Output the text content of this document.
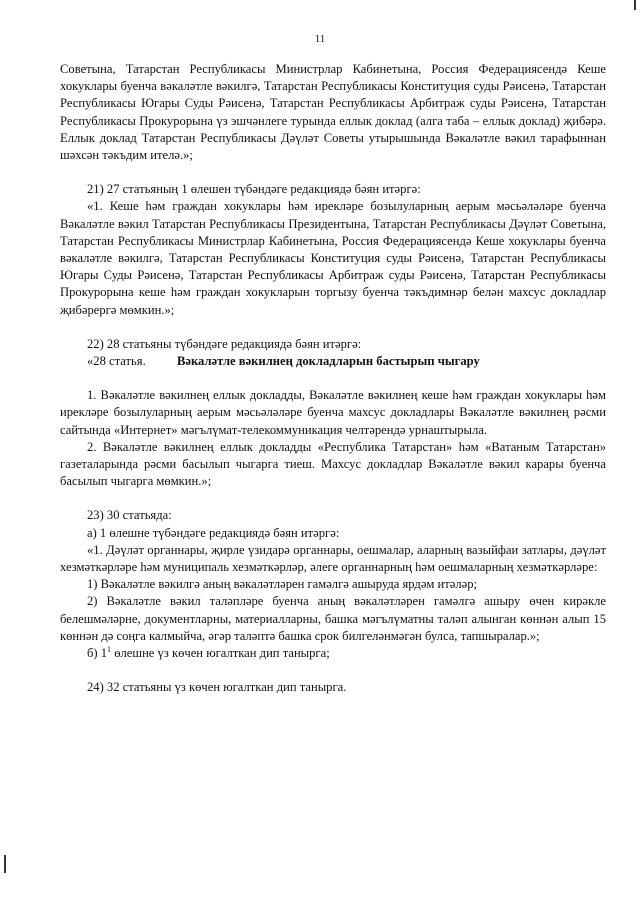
11

Советына, Татарстан Республикасы Министрлар Кабинетына, Россия Федерациясендә Кеше хокуклары буенча вәкаләтле вәкилгә, Татарстан Республикасы Конституция суды Рәисенә, Татарстан Республикасы Югары Суды Рәисенә, Татарстан Республикасы Арбитраж суды Рәисенә, Татарстан Республикасы Прокурорына үз эшчәнлеге турында еллык доклад (алга таба – еллык доклад) җибәрә. Еллык доклад Татарстан Республикасы Дәүләт Советы утырышында Вәкаләтле вәкил тарафыннан шәхсән тәкъдим ителә.»;

21) 27 статьяның 1 өлешен түбәндәге редакциядә бәян итәргә:

«1. Кеше һәм граждан хокуклары һәм ирекләре бозылуларның аерым мәсьәләләре буенча Вәкаләтле вәкил Татарстан Республикасы Президентына, Татарстан Республикасы Дәүләт Советына, Татарстан Республикасы Министрлар Кабинетына, Россия Федерациясендә Кеше хокуклары буенча вәкаләтле вәкилгә, Татарстан Республикасы Конституция суды Рәисенә, Татарстан Республикасы Югары Суды Рәисенә, Татарстан Республикасы Арбитраж суды Рәисенә, Татарстан Республикасы Прокурорына кеше һәм граждан хокукларын торгызу буенча тәкъдимнәр белән махсус докладлар җибәрергә мөмкин.»;

22) 28 статьяны түбәндәге редакциядә бәян итәргә:

«28 статья. Вәкаләтле вәкилнең докладларын бастырып чыгару

1. Вәкаләтле вәкилнең еллык докладды, Вәкаләтле вәкилнең кеше һәм граждан хокуклары һәм ирекләре бозылуларның аерым мәсьәләләре буенча махсус докладлары Вәкаләтле вәкилнең рәсми сайтында «Интернет» мәгълүмат-телекоммуникация челтәрендә урнаштырыла.

2. Вәкаләтле вәкилнең еллык докладды «Республика Татарстан» һәм «Ватаным Татарстан» газеталарында рәсми басылып чыгарга тиеш. Махсус докладлар Вәкаләтле вәкил карары буенча басылып чыгарга мөмкин.»;

23) 30 статьяда:

а) 1 өлешне түбәндәге редакциядә бәян итәргә:

«1. Дәүләт органнары, җирле үзидарә органнары, оешмалар, аларның вазыйфаи затлары, дәүләт хезмәткәрләре һәм муниципаль хезмәткәрләр, әлеге органнарның һәм оешмаларның хезмәткәрләре:

1) Вәкаләтле вәкилгә аның вәкаләтләрен гамәлгә ашыруда ярдәм итәләр;

2) Вәкаләтле вәкил таләпләре буенча аның вәкаләтләрен гамәлгә ашыру өчен кирәкле белешмәләрне, документларны, материалларны, башка мәгълүматны таләп алынган көннән алып 15 көннән дә соңга калмыйча, әгәр таләптә башка срок билгеләнмәгән булса, тапшыралар.»;

б) $1^1$ өлешне үз көчен югалткан дип танырга;

24) 32 статьяны үз көчен югалткан дип танырга.
